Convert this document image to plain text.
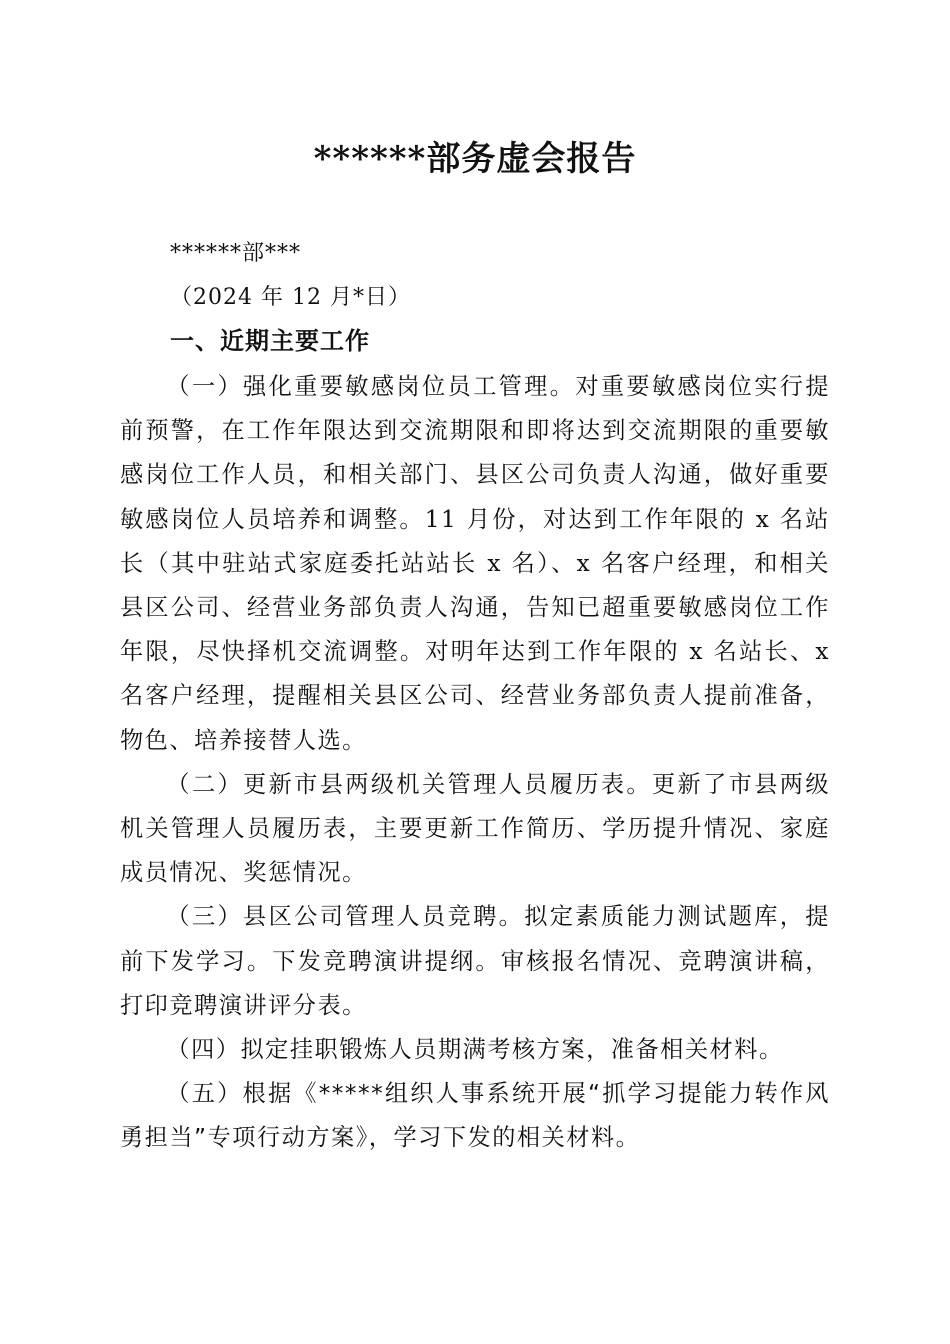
******部务虚会报告
******部***
（2024 年 12 月*日）
一、近期主要工作

（一）强化重要敏感岗位员工管理。对重要敏感岗位实行提前预警，在工作年限达到交流期限和即将达到交流期限的重要敏感岗位工作人员，和相关部门、县区公司负责人沟通，做好重要敏感岗位人员培养和调整。11 月份，对达到工作年限的 x 名站长（其中驻站式家庭委托站站长 x 名）、x 名客户经理，和相关县区公司、经营业务部负责人沟通，告知已超重要敏感岗位工作年限，尽快择机交流调整。对明年达到工作年限的 x 名站长、x 名客户经理，提醒相关县区公司、经营业务部负责人提前准备，物色、培养接替人选。

（二）更新市县两级机关管理人员履历表。更新了市县两级机关管理人员履历表，主要更新工作简历、学历提升情况、家庭成员情况、奖惩情况。

（三）县区公司管理人员竞聘。拟定素质能力测试题库，提前下发学习。下发竞聘演讲提纲。审核报名情况、竞聘演讲稿，打印竞聘演讲评分表。

（四）拟定挂职锻炼人员期满考核方案，准备相关材料。

（五）根据《*****组织人事系统开展“抓学习提能力转作风勇担当”专项行动方案》，学习下发的相关材料。
